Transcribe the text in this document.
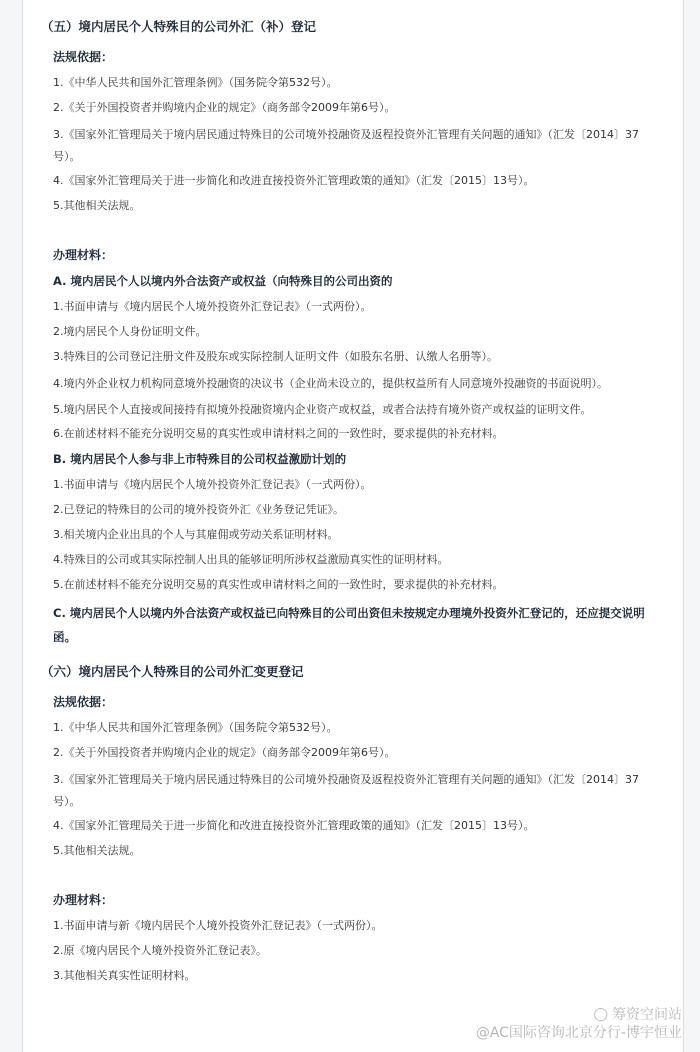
（五）境内居民个人特殊目的公司外汇（补）登记
法规依据：
1.《中华人民共和国外汇管理条例》（国务院令第532号）。
2.《关于外国投资者并购境内企业的规定》（商务部令2009年第6号）。
3.《国家外汇管理局关于境内居民通过特殊目的公司境外投融资及返程投资外汇管理有关问题的通知》（汇发〔2014〕37号）。
4.《国家外汇管理局关于进一步简化和改进直接投资外汇管理政策的通知》（汇发〔2015〕13号）。
5.其他相关法规。
办理材料：
A. 境内居民个人以境内外合法资产或权益（向特殊目的公司出资的
1.书面申请与《境内居民个人境外投资外汇登记表》（一式两份）。
2.境内居民个人身份证明文件。
3.特殊目的公司登记注册文件及股东或实际控制人证明文件（如股东名册、认缴人名册等）。
4.境内外企业权力机构同意境外投融资的决议书（企业尚未设立的，提供权益所有人同意境外投融资的书面说明）。
5.境内居民个人直接或间接持有拟境外投融资境内企业资产或权益，或者合法持有境外资产或权益的证明文件。
6.在前述材料不能充分说明交易的真实性或申请材料之间的一致性时，要求提供的补充材料。
B. 境内居民个人参与非上市特殊目的公司权益激励计划的
1.书面申请与《境内居民个人境外投资外汇登记表》（一式两份）。
2.已登记的特殊目的公司的境外投资外汇《业务登记凭证》。
3.相关境内企业出具的个人与其雇佣或劳动关系证明材料。
4.特殊目的公司或其实际控制人出具的能够证明所涉权益激励真实性的证明材料。
5.在前述材料不能充分说明交易的真实性或申请材料之间的一致性时，要求提供的补充材料。
C. 境内居民个人以境内外合法资产或权益已向特殊目的公司出资但未按规定办理境外投资外汇登记的，还应提交说明函。
（六）境内居民个人特殊目的公司外汇变更登记
法规依据：
1.《中华人民共和国外汇管理条例》（国务院令第532号）。
2.《关于外国投资者并购境内企业的规定》（商务部令2009年第6号）。
3.《国家外汇管理局关于境内居民通过特殊目的公司境外投融资及返程投资外汇管理有关问题的通知》（汇发〔2014〕37号）。
4.《国家外汇管理局关于进一步简化和改进直接投资外汇管理政策的通知》（汇发〔2015〕13号）。
5.其他相关法规。
办理材料：
1.书面申请与新《境内居民个人境外投资外汇登记表》（一式两份）。
2.原《境内居民个人境外投资外汇登记表》。
3.其他相关真实性证明材料。
◯ 筹资空间站
@AC国际咨询北京分行-博宇恒业
